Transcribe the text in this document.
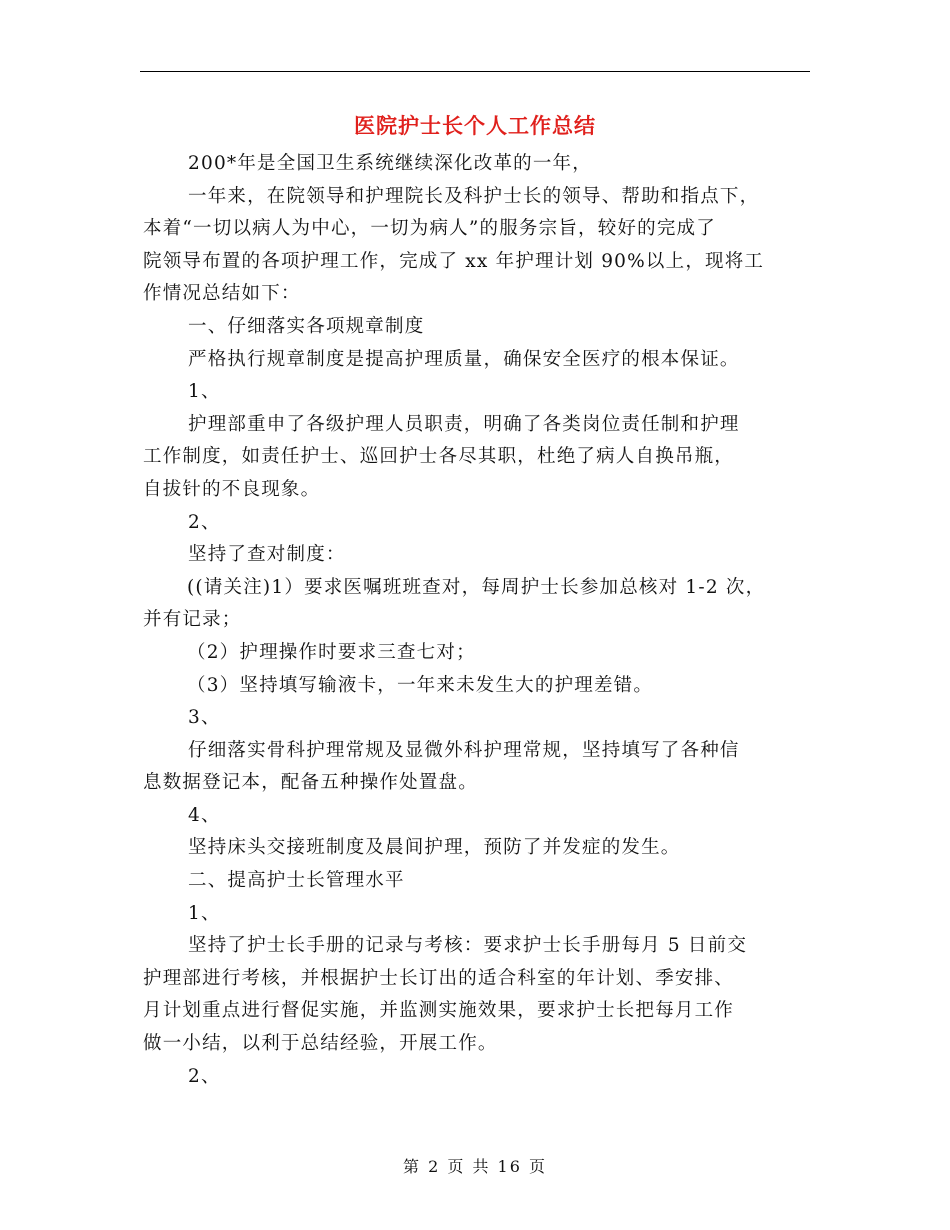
医院护士长个人工作总结
200*年是全国卫生系统继续深化改革的一年，
一年来，在院领导和护理院长及科护士长的领导、帮助和指点下，
本着“一切以病人为中心，一切为病人”的服务宗旨，较好的完成了
院领导布置的各项护理工作，完成了 xx 年护理计划 90%以上，现将工
作情况总结如下：
一、仔细落实各项规章制度
严格执行规章制度是提高护理质量，确保安全医疗的根本保证。
1、
护理部重申了各级护理人员职责，明确了各类岗位责任制和护理
工作制度，如责任护士、巡回护士各尽其职，杜绝了病人自换吊瓶，
自拔针的不良现象。
2、
坚持了查对制度：
((请关注)1）要求医嘱班班查对，每周护士长参加总核对 1-2 次，
并有记录；
（2）护理操作时要求三查七对；
（3）坚持填写输液卡，一年来未发生大的护理差错。
3、
仔细落实骨科护理常规及显微外科护理常规，坚持填写了各种信
息数据登记本，配备五种操作处置盘。
4、
坚持床头交接班制度及晨间护理，预防了并发症的发生。
二、提高护士长管理水平
1、
坚持了护士长手册的记录与考核：要求护士长手册每月 5 日前交
护理部进行考核，并根据护士长订出的适合科室的年计划、季安排、
月计划重点进行督促实施，并监测实施效果，要求护士长把每月工作
做一小结，以利于总结经验，开展工作。
2、
第 2 页 共 16 页
